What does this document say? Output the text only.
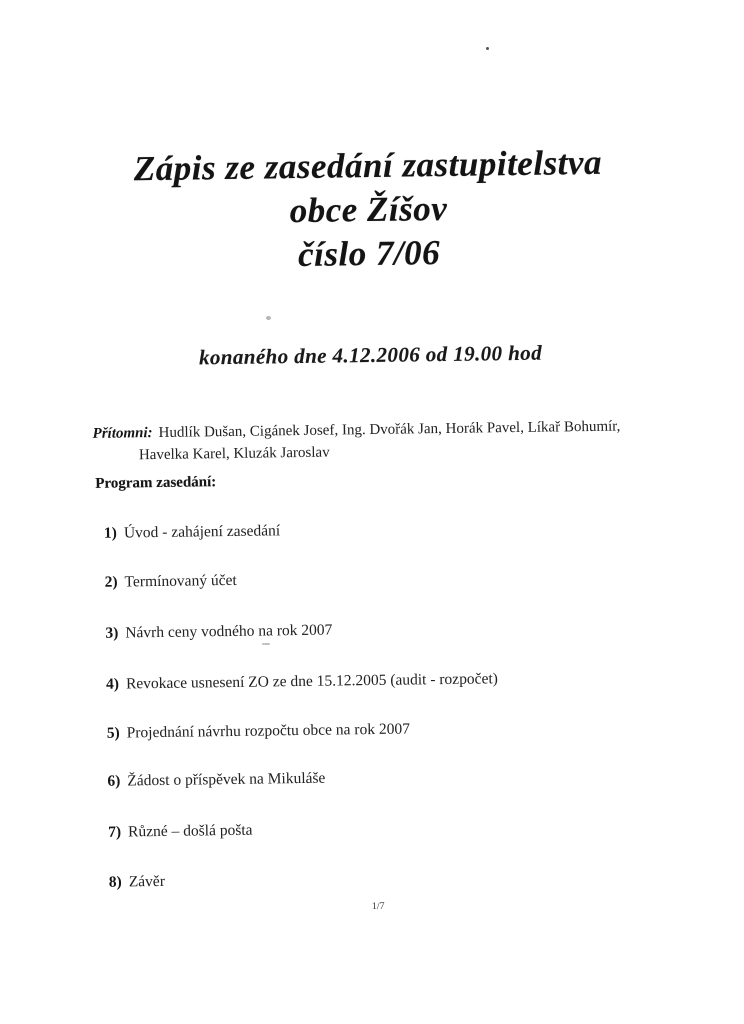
Zápis ze zasedání zastupitelstva
obce Žíšov
číslo 7/06
konaného dne 4.12.2006 od 19.00 hod
Přítomni: Hudlík Dušan, Cigánek Josef, Ing. Dvořák Jan, Horák Pavel, Líkař Bohumír,
Havelka Karel, Kluzák Jaroslav
Program zasedání:
1) Úvod - zahájení zasedání
2) Termínovaný účet
3) Návrh ceny vodného na rok 2007
4) Revokace usnesení ZO ze dne 15.12.2005 (audit - rozpočet)
5) Projednání návrhu rozpočtu obce na rok 2007
6) Žádost o příspěvek na Mikuláše
7) Různé – došlá pošta
8) Závěr
1/7
